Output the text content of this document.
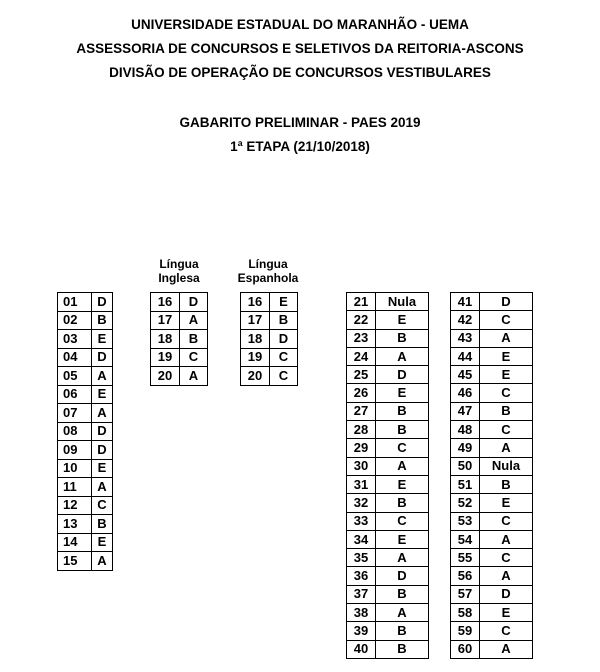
UNIVERSIDADE ESTADUAL DO MARANHÃO - UEMA
ASSESSORIA DE CONCURSOS E SELETIVOS DA REITORIA-ASCONS
DIVISÃO DE OPERAÇÃO DE CONCURSOS VESTIBULARES
GABARITO PRELIMINAR - PAES 2019
1ª ETAPA (21/10/2018)
Língua
Inglesa
Língua
Espanhola
01	D
02	B
03	E
04	D
05	A
06	E
07	A
08	D
09	D
10	E
11	A
12	C
13	B
14	E
15	A
16	D
17	A
18	B
19	C
20	A
16	E
17	B
18	D
19	C
20	C
21	Nula
22	E
23	B
24	A
25	D
26	E
27	B
28	B
29	C
30	A
31	E
32	B
33	C
34	E
35	A
36	D
37	B
38	A
39	B
40	B
41	D
42	C
43	A
44	E
45	E
46	C
47	B
48	C
49	A
50	Nula
51	B
52	E
53	C
54	A
55	C
56	A
57	D
58	E
59	C
60	A
